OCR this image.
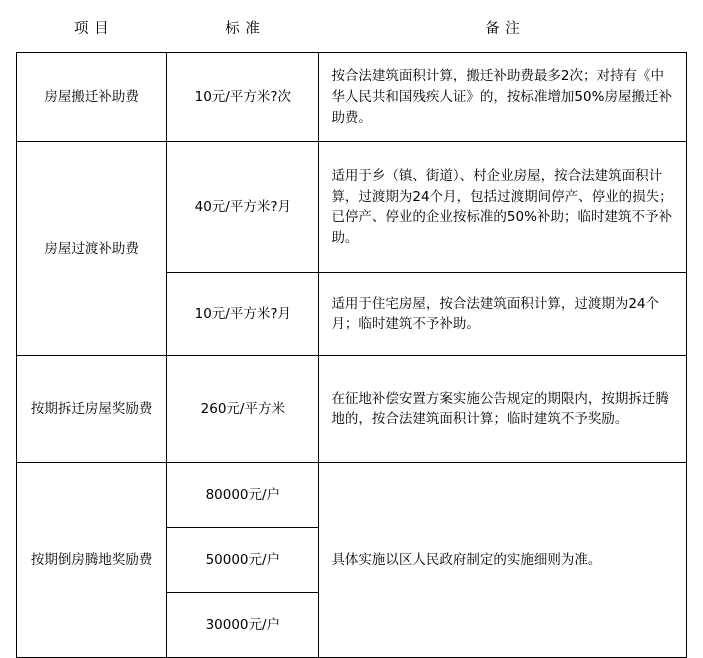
项 目	标 准	备 注
房屋搬迁补助费	10元/平方米?次	按合法建筑面积计算，搬迁补助费最多2次；对持有《中华人民共和国残疾人证》的，按标准增加50%房屋搬迁补助费。
房屋过渡补助费	40元/平方米?月	适用于乡（镇、街道）、村企业房屋，按合法建筑面积计算，过渡期为24个月，包括过渡期间停产、停业的损失；已停产、停业的企业按标准的50%补助；临时建筑不予补助。
	10元/平方米?月	适用于住宅房屋，按合法建筑面积计算，过渡期为24个月；临时建筑不予补助。
按期拆迁房屋奖励费	260元/平方米	在征地补偿安置方案实施公告规定的期限内，按期拆迁腾地的，按合法建筑面积计算；临时建筑不予奖励。
按期倒房腾地奖励费	80000元/户	具体实施以区人民政府制定的实施细则为准。
	50000元/户	
	30000元/户	
